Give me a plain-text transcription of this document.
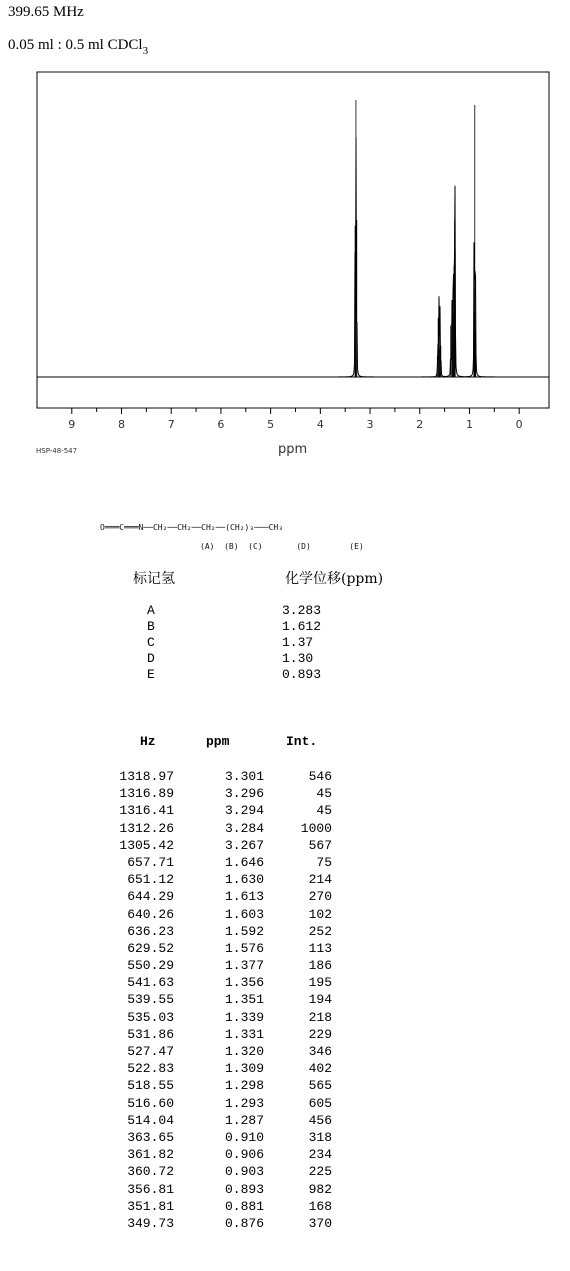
399.65 MHz
0.05 ml : 0.5 ml CDCl$_3$
9	8	7	6	5	4	3	2	1	0
ppm
HSP-48-547
O═══C═══N──CH₂──CH₂──CH₂──(CH₂)₃───CH₃
(A)  (B)  (C)       (D)        (E)
标记氢	化学位移(ppm)
A	3.283
B	1.612
C	1.37
D	1.30
E	0.893
Hz	ppm	Int.
1318.97	3.301	546
1316.89	3.296	45
1316.41	3.294	45
1312.26	3.284	1000
1305.42	3.267	567
657.71	1.646	75
651.12	1.630	214
644.29	1.613	270
640.26	1.603	102
636.23	1.592	252
629.52	1.576	113
550.29	1.377	186
541.63	1.356	195
539.55	1.351	194
535.03	1.339	218
531.86	1.331	229
527.47	1.320	346
522.83	1.309	402
518.55	1.298	565
516.60	1.293	605
514.04	1.287	456
363.65	0.910	318
361.82	0.906	234
360.72	0.903	225
356.81	0.893	982
351.81	0.881	168
349.73	0.876	370
